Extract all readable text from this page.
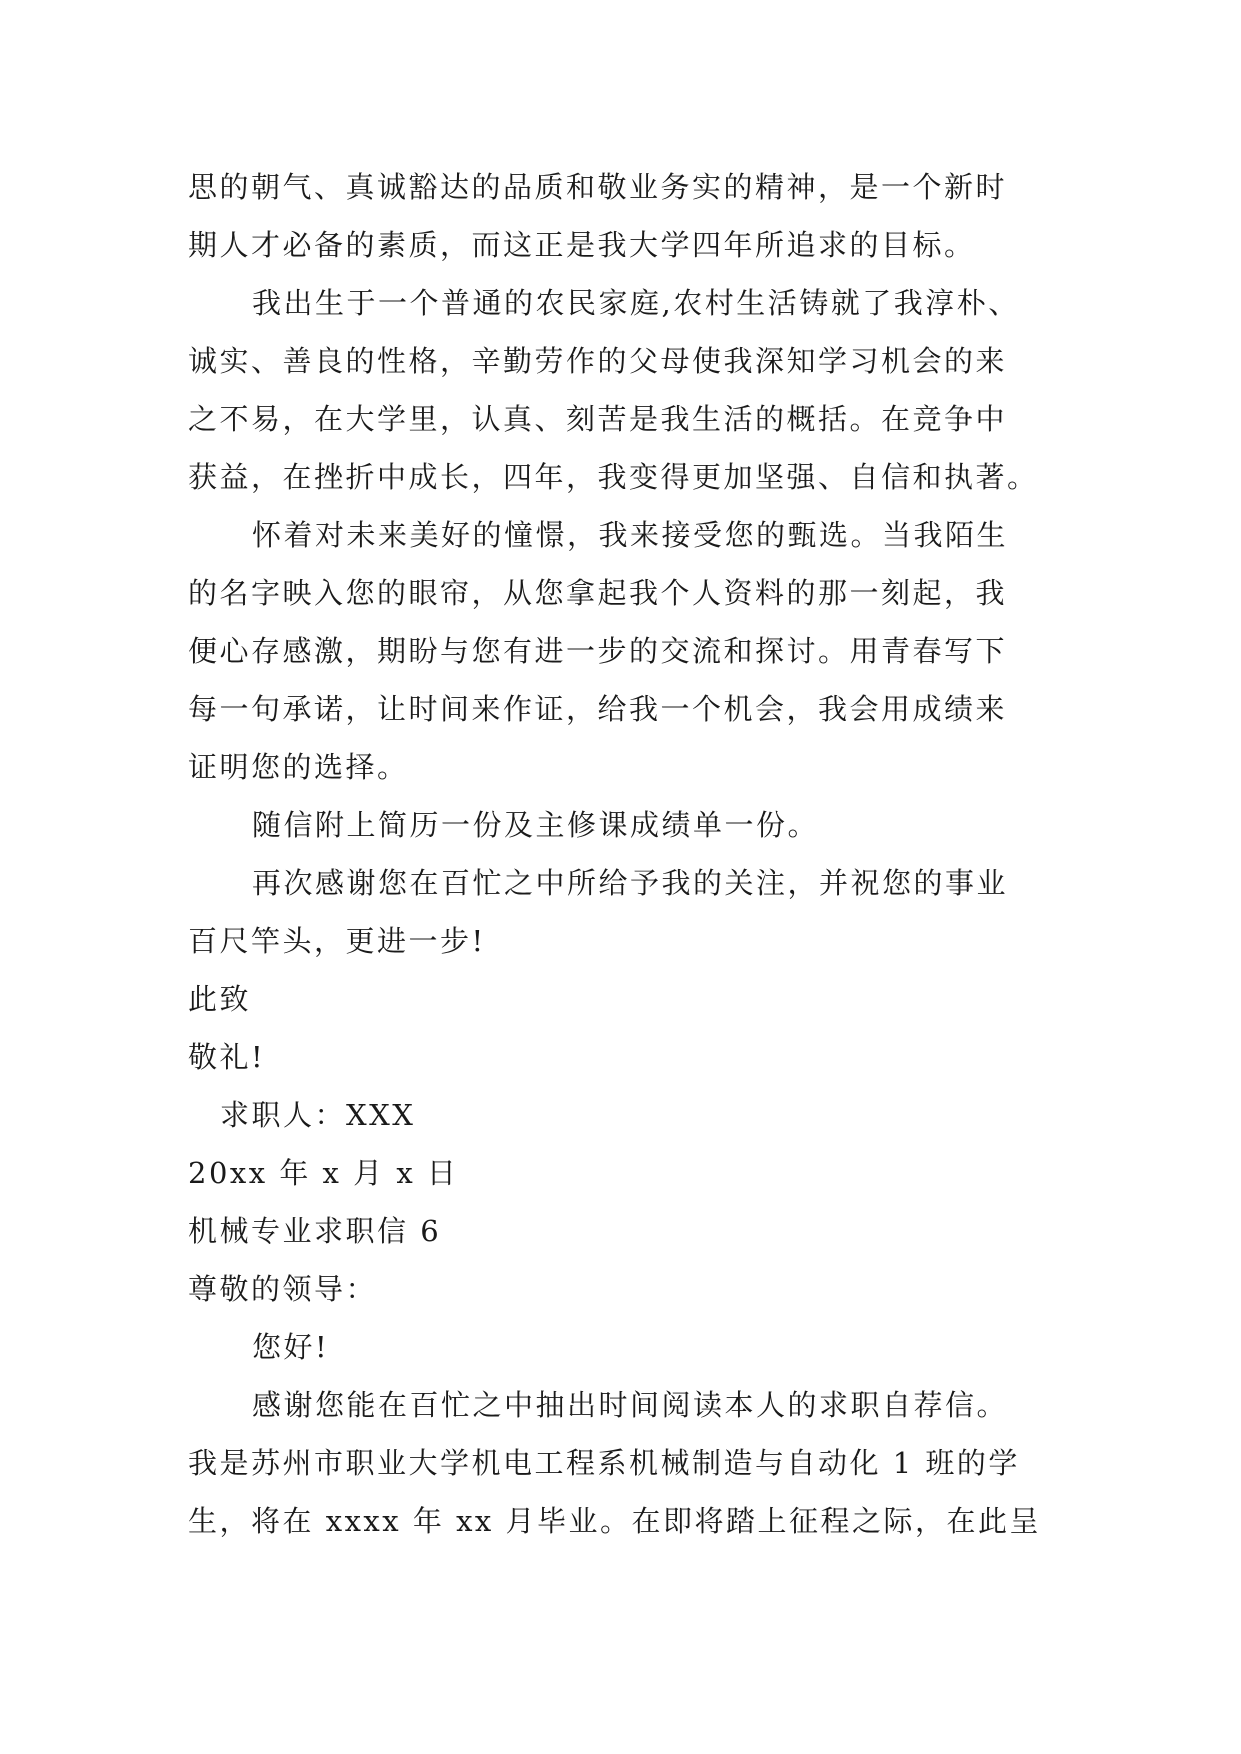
思的朝气、真诚豁达的品质和敬业务实的精神，是一个新时
期人才必备的素质，而这正是我大学四年所追求的目标。
我出生于一个普通的农民家庭,农村生活铸就了我淳朴、
诚实、善良的性格，辛勤劳作的父母使我深知学习机会的来
之不易，在大学里，认真、刻苦是我生活的概括。在竞争中
获益，在挫折中成长，四年，我变得更加坚强、自信和执著。
怀着对未来美好的憧憬，我来接受您的甄选。当我陌生
的名字映入您的眼帘，从您拿起我个人资料的那一刻起，我
便心存感激，期盼与您有进一步的交流和探讨。用青春写下
每一句承诺，让时间来作证，给我一个机会，我会用成绩来
证明您的选择。
随信附上简历一份及主修课成绩单一份。
再次感谢您在百忙之中所给予我的关注，并祝您的事业
百尺竿头，更进一步!
此致
敬礼!
求职人：XXX
20xx 年 x 月 x 日
机械专业求职信 6
尊敬的领导：
您好!
感谢您能在百忙之中抽出时间阅读本人的求职自荐信。
我是苏州市职业大学机电工程系机械制造与自动化 1 班的学
生，将在 xxxx 年 xx 月毕业。在即将踏上征程之际，在此呈
